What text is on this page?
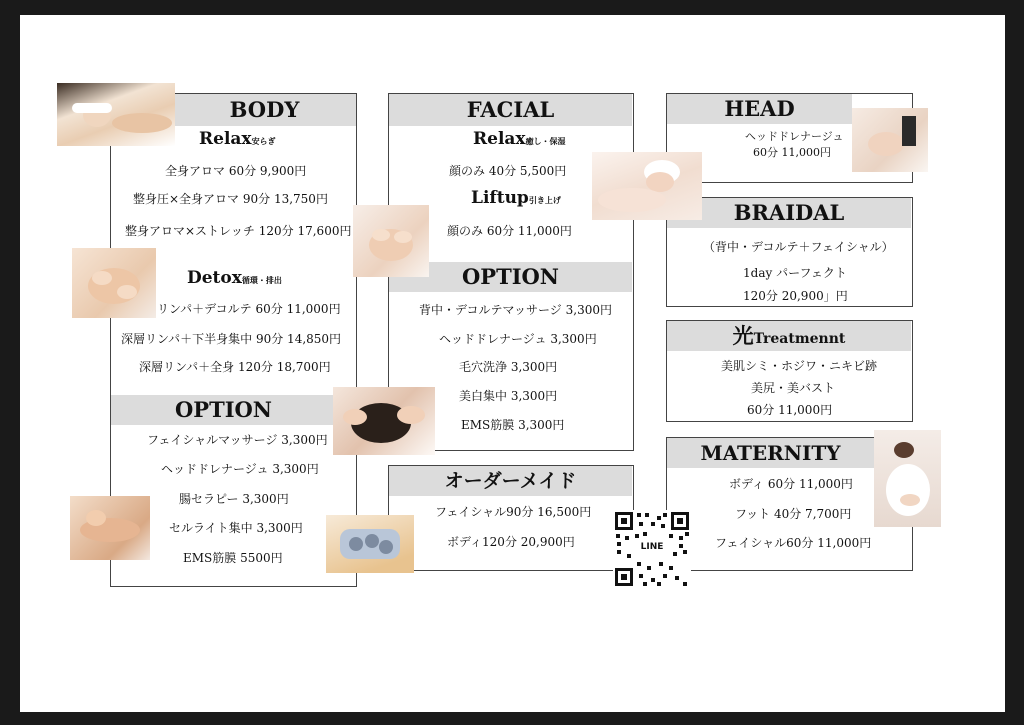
BODY
Relax安らぎ
全身アロマ 60分 9,900円
整身圧×全身アロマ 90分 13,750円
整身アロマ×ストレッチ 120分 17,600円
Detox循環・排出
リンパ＋デコルテ 60分 11,000円
深層リンパ＋下半身集中 90分 14,850円
深層リンパ＋全身 120分 18,700円
OPTION
フェイシャルマッサージ 3,300円
ヘッドドレナージュ 3,300円
腸セラピー 3,300円
セルライト集中 3,300円
EMS筋膜 5500円
FACIAL
Relax癒し・保湿
顔のみ 40分 5,500円
Liftup引き上げ
顔のみ 60分 11,000円
OPTION
背中・デコルテマッサージ 3,300円
ヘッドドレナージュ 3,300円
毛穴洗浄 3,300円
美白集中 3,300円
EMS筋膜 3,300円
オーダーメイド
フェイシャル90分 16,500円
ボディ120分 20,900円
HEAD
ヘッドドレナージュ
60分 11,000円
BRAIDAL
（背中・デコルテ＋フェイシャル）
1day パーフェクト
120分 20,900」円
光Treatmennt
美肌シミ・ホジワ・ニキビ跡
美尻・美バスト
60分 11,000円
MATERNITY
ボディ 60分 11,000円
フット 40分 7,700円
フェイシャル60分 11,000円
LINE
